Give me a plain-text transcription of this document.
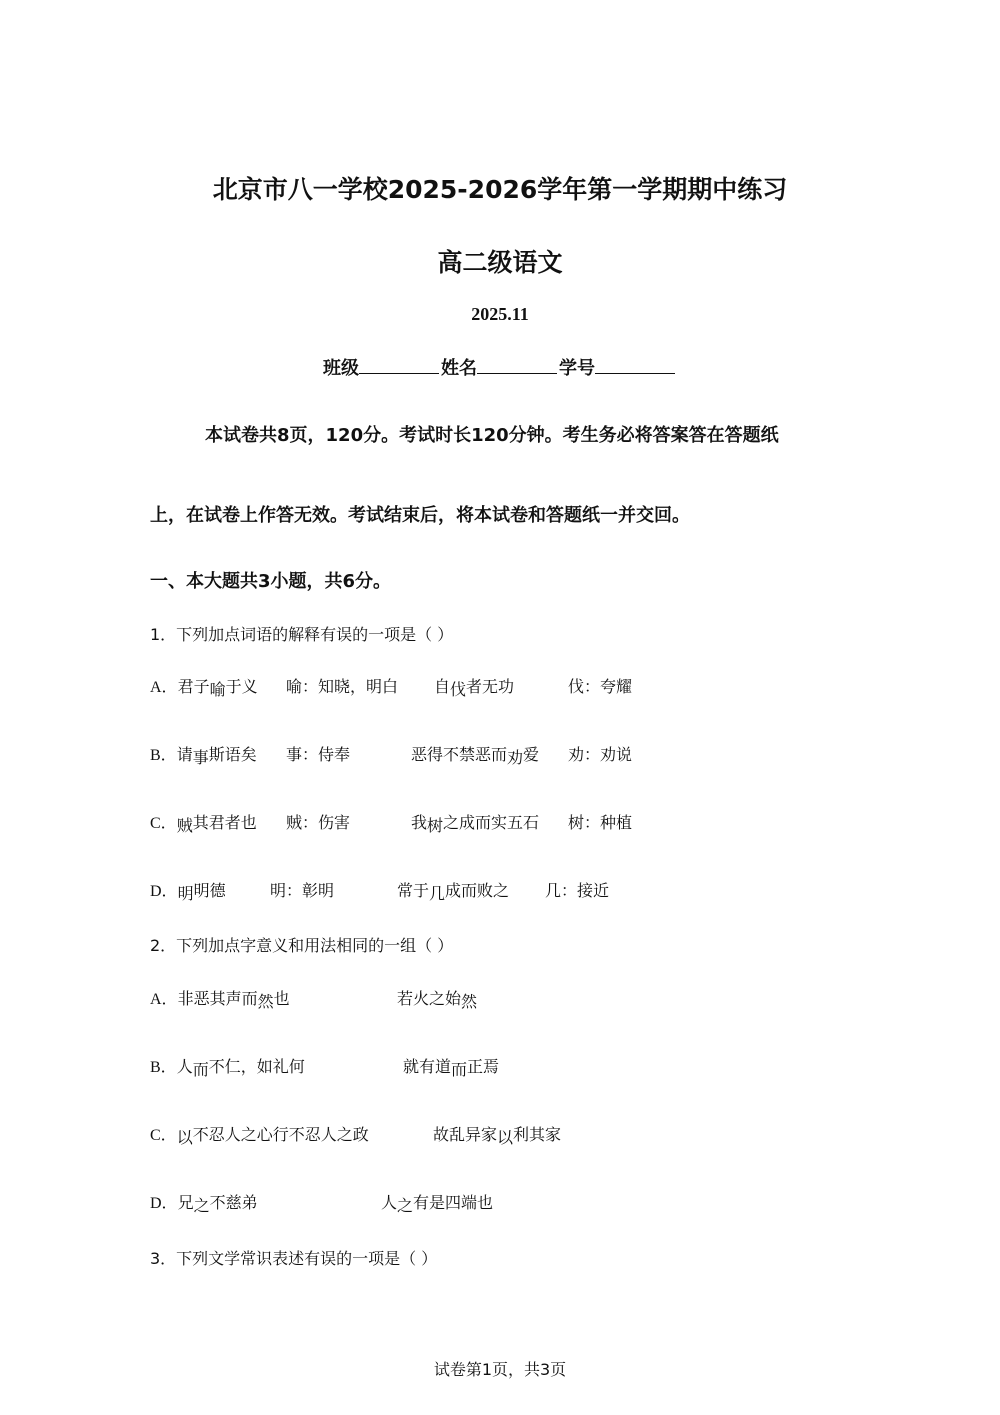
北京市八一学校2025-2026学年第一学期期中练习
高二级语文
2025.11
班级	姓名	学号
本试卷共8页，120分。考试时长120分钟。考生务必将答案答在答题纸
上，在试卷上作答无效。考试结束后，将本试卷和答题纸一并交回。
一、本大题共3小题，共6分。
1．下列加点词语的解释有误的一项是（ ）
A．君子喻于义 喻：知晓，明白 自伐者无功	伐：夸耀
B．请事斯语矣 事：侍奉	恶得不禁恶而劝爱 劝：劝说
C．贼其君者也 贼：伤害	我树之成而实五石 树：种植
D．明明德	明：彰明	常于几成而败之 几：接近
2．下列加点字意义和用法相同的一组（ ）
A．非恶其声而然也	若火之始然
B．人而不仁，如礼何	就有道而正焉
C．以不忍人之心行不忍人之政	故乱异家以利其家
D．兄之不慈弟	人之有是四端也
3．下列文学常识表述有误的一项是（ ）
试卷第1页，共3页
